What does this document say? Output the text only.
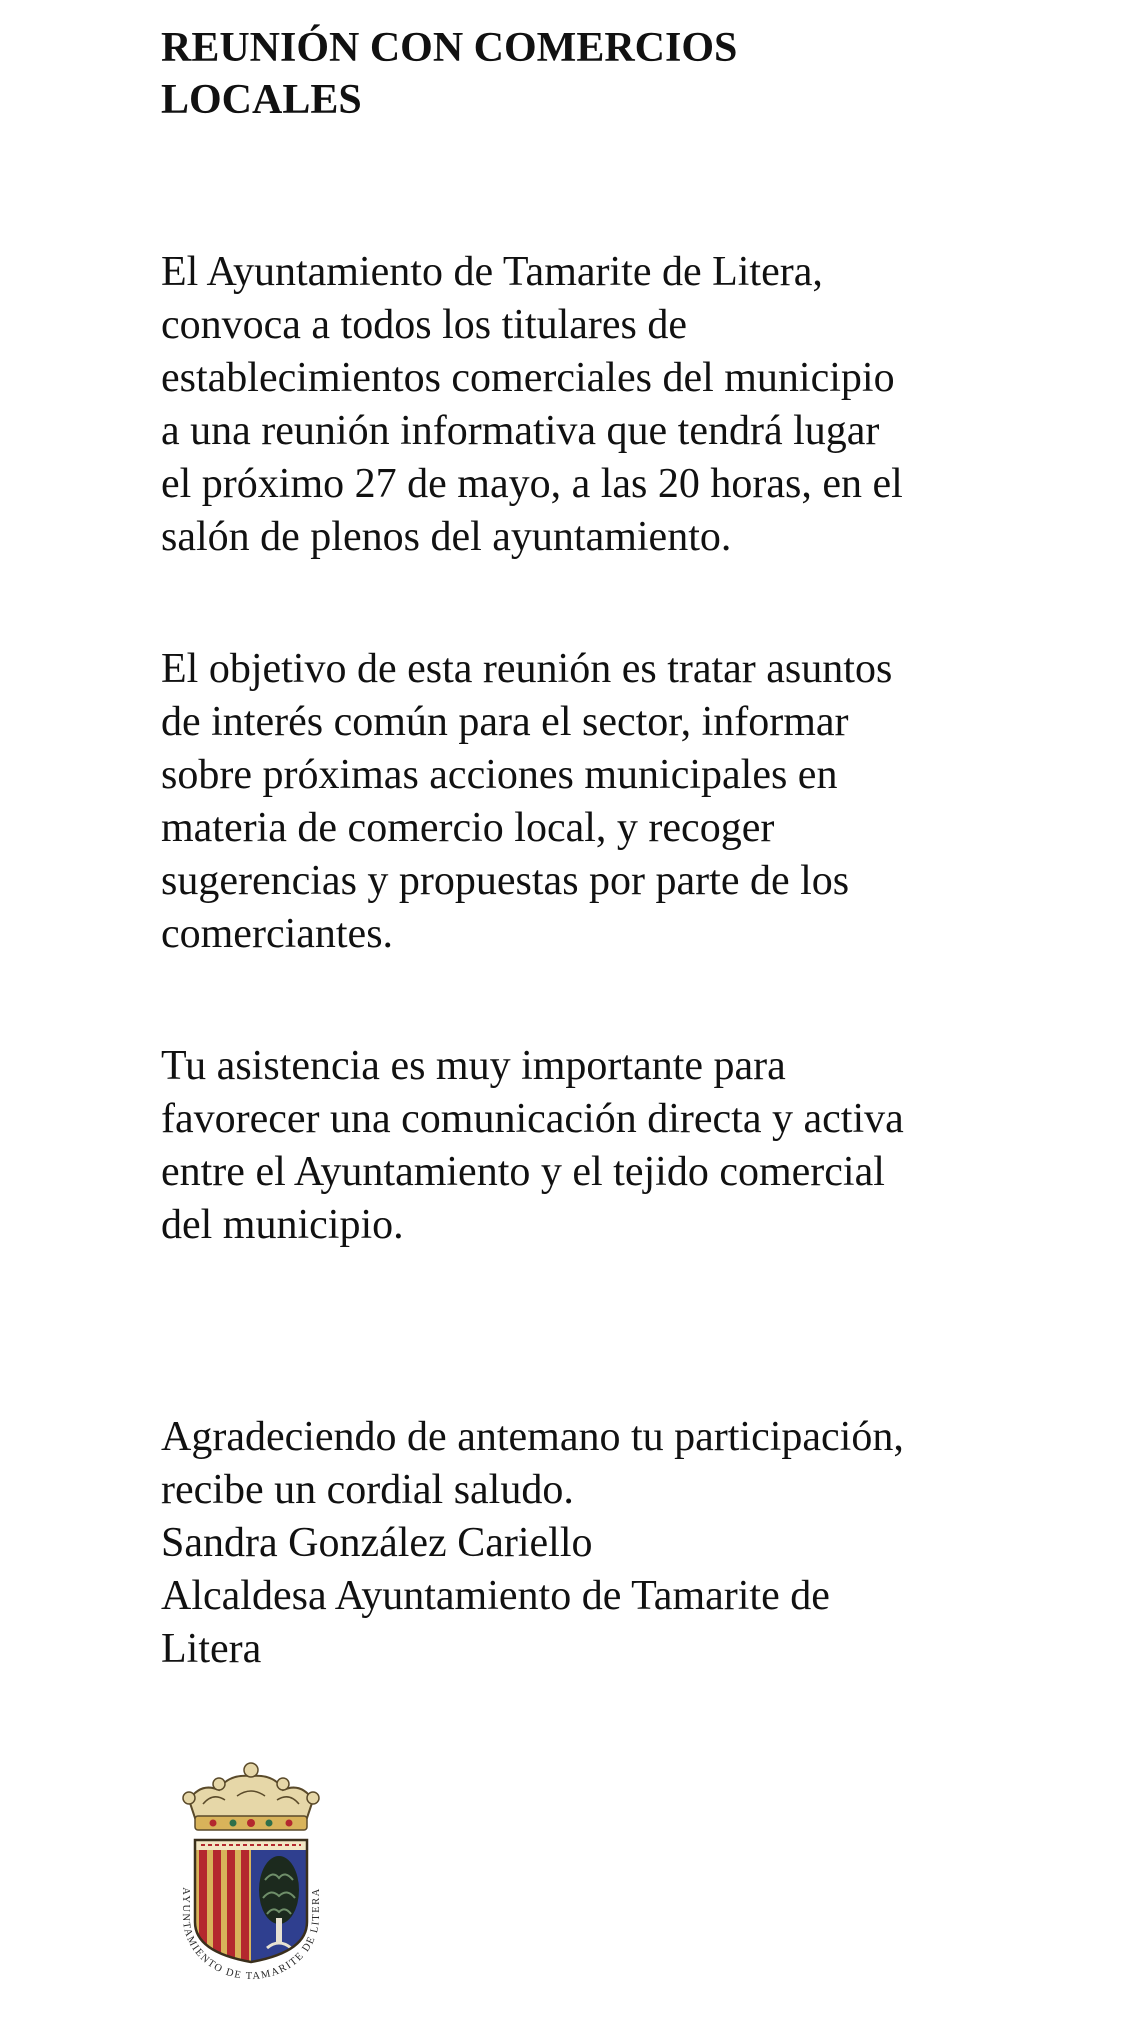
REUNIÓN CON COMERCIOS
LOCALES

El Ayuntamiento de Tamarite de Litera,
convoca a todos los titulares de
establecimientos comerciales del municipio
a una reunión informativa que tendrá lugar
el próximo 27 de mayo, a las 20 horas, en el
salón de plenos del ayuntamiento.

El objetivo de esta reunión es tratar asuntos
de interés común para el sector, informar
sobre próximas acciones municipales en
materia de comercio local, y recoger
sugerencias y propuestas por parte de los
comerciantes.

Tu asistencia es muy importante para
favorecer una comunicación directa y activa
entre el Ayuntamiento y el tejido comercial
del municipio.

Agradeciendo de antemano tu participación,
recibe un cordial saludo.
Sandra González Cariello
Alcaldesa Ayuntamiento de Tamarite de
Litera

AYUNTAMIENTO DE TAMARITE DE LITERA
